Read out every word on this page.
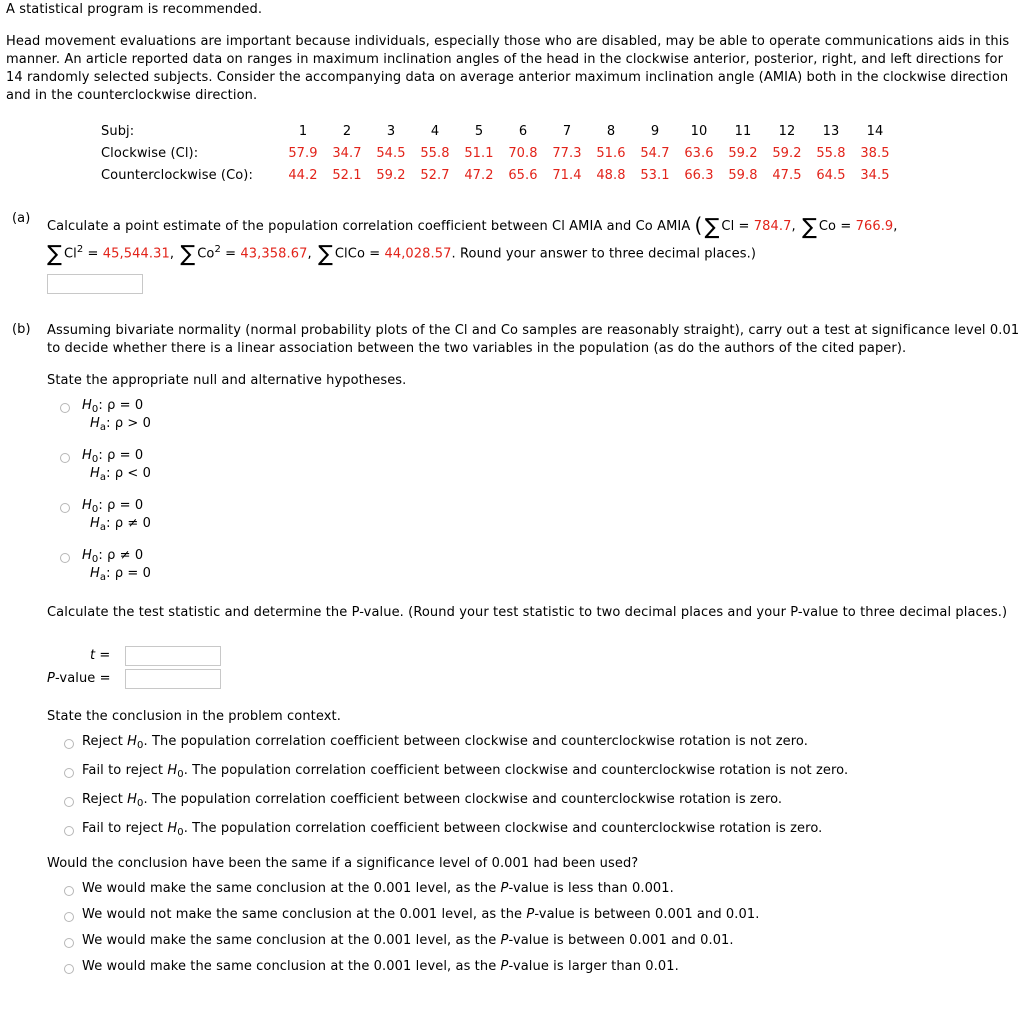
A statistical program is recommended.
Head movement evaluations are important because individuals, especially those who are disabled, may be able to operate communications aids in this manner. An article reported data on ranges in maximum inclination angles of the head in the clockwise anterior, posterior, right, and left directions for 14 randomly selected subjects. Consider the accompanying data on average anterior maximum inclination angle (AMIA) both in the clockwise direction and in the counterclockwise direction.
Subj:	1	2	3	4	5	6	7	8	9	10	11	12	13	14
Clockwise (Cl):	57.9	34.7	54.5	55.8	51.1	70.8	77.3	51.6	54.7	63.6	59.2	59.2	55.8	38.5
Counterclockwise (Co):	44.2	52.1	59.2	52.7	47.2	65.6	71.4	48.8	53.1	66.3	59.8	47.5	64.5	34.5
(a)
Calculate a point estimate of the population correlation coefficient between Cl AMIA and Co AMIA (∑ Cl = 784.7, ∑ Co = 766.9,
∑ $Cl^2 = 45,544.31$, ∑ $Co^2 = 43,358.67$, ∑ ClCo = 44,028.57. Round your answer to three decimal places.)
(b) Assuming bivariate normality (normal probability plots of the Cl and Co samples are reasonably straight), carry out a test at significance level 0.01 to decide whether there is a linear association between the two variables in the population (as do the authors of the cited paper).
State the appropriate null and alternative hypotheses.
$H_0$: ρ = 0
$H_a$: ρ > 0
$H_0$: ρ = 0
$H_a$: ρ < 0
$H_0$: ρ = 0
$H_a$: ρ ≠ 0
$H_0$: ρ ≠ 0
$H_a$: ρ = 0
Calculate the test statistic and determine the P-value. (Round your test statistic to two decimal places and your P-value to three decimal places.)
t =
P-value =
State the conclusion in the problem context.
Reject $H_0$. The population correlation coefficient between clockwise and counterclockwise rotation is not zero.
Fail to reject $H_0$. The population correlation coefficient between clockwise and counterclockwise rotation is not zero.
Reject $H_0$. The population correlation coefficient between clockwise and counterclockwise rotation is zero.
Fail to reject $H_0$. The population correlation coefficient between clockwise and counterclockwise rotation is zero.
Would the conclusion have been the same if a significance level of 0.001 had been used?
We would make the same conclusion at the 0.001 level, as the P-value is less than 0.001.
We would not make the same conclusion at the 0.001 level, as the P-value is between 0.001 and 0.01.
We would make the same conclusion at the 0.001 level, as the P-value is between 0.001 and 0.01.
We would make the same conclusion at the 0.001 level, as the P-value is larger than 0.01.
